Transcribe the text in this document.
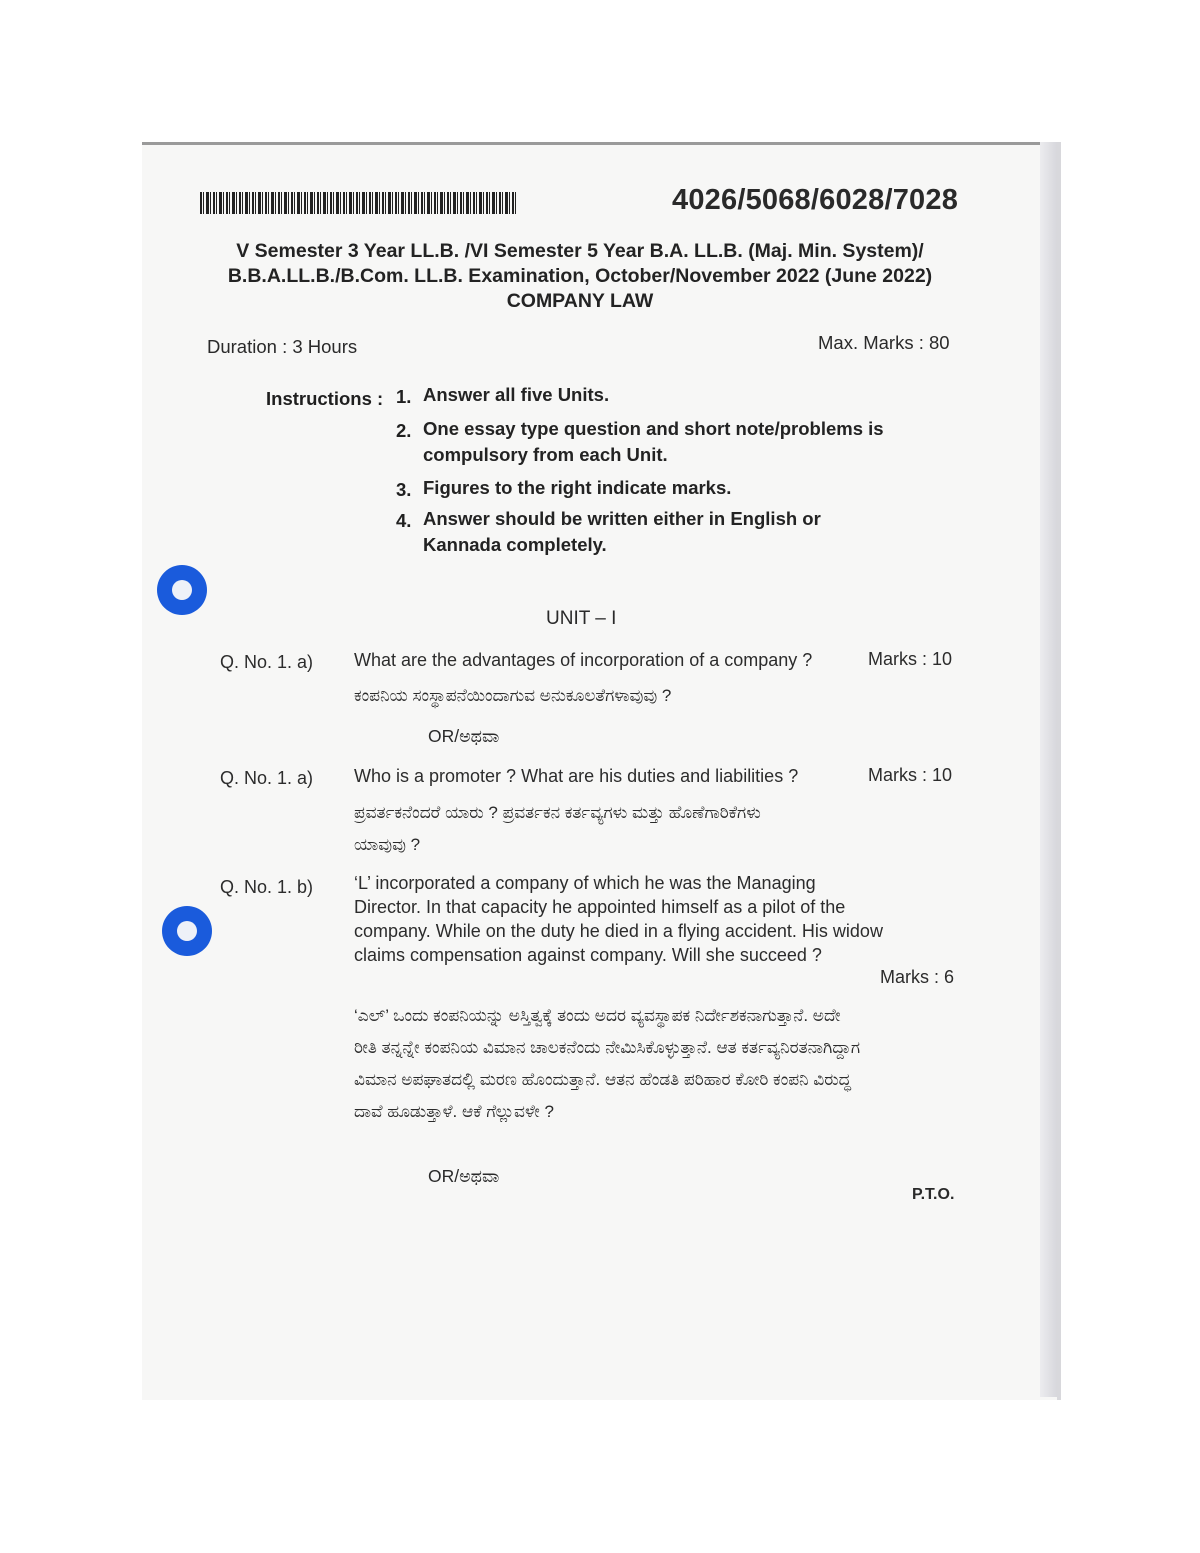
4026/5068/6028/7028
V Semester 3 Year LL.B. /VI Semester 5 Year B.A. LL.B. (Maj. Min. System)/
B.B.A.LL.B./B.Com. LL.B. Examination, October/November 2022 (June 2022)
COMPANY LAW
Duration : 3 Hours	Max. Marks : 80
Instructions : 1. Answer all five Units.
2. One essay type question and short note/problems is compulsory from each Unit.
3. Figures to the right indicate marks.
4. Answer should be written either in English or Kannada completely.
UNIT – I
Q. No. 1. a) What are the advantages of incorporation of a company ?	Marks : 10
ಕಂಪನಿಯ ಸಂಸ್ಥಾಪನೆಯಿಂದಾಗುವ ಅನುಕೂಲತೆಗಳಾವುವು ?
OR/ಅಥವಾ
Q. No. 1. a) Who is a promoter ? What are his duties and liabilities ?	Marks : 10
ಪ್ರವರ್ತಕನೆಂದರೆ ಯಾರು ? ಪ್ರವರ್ತಕನ ಕರ್ತವ್ಯಗಳು ಮತ್ತು ಹೊಣೆಗಾರಿಕೆಗಳು ಯಾವುವು ?
Q. No. 1. b) ‘L’ incorporated a company of which he was the Managing Director. In that capacity he appointed himself as a pilot of the company. While on the duty he died in a flying accident. His widow claims compensation against company. Will she succeed ?
Marks : 6
‘ಎಲ್’ ಒಂದು ಕಂಪನಿಯನ್ನು ಅಸ್ತಿತ್ವಕ್ಕೆ ತಂದು ಅದರ ವ್ಯವಸ್ಥಾಪಕ ನಿರ್ದೇಶಕನಾಗುತ್ತಾನೆ. ಅದೇ ರೀತಿ ತನ್ನನ್ನೇ ಕಂಪನಿಯ ವಿಮಾನ ಚಾಲಕನೆಂದು ನೇಮಿಸಿಕೊಳ್ಳುತ್ತಾನೆ. ಆತ ಕರ್ತವ್ಯನಿರತನಾಗಿದ್ದಾಗ ವಿಮಾನ ಅಪಘಾತದಲ್ಲಿ ಮರಣ ಹೊಂದುತ್ತಾನೆ. ಆತನ ಹೆಂಡತಿ ಪರಿಹಾರ ಕೋರಿ ಕಂಪನಿ ವಿರುದ್ಧ ದಾವೆ ಹೂಡುತ್ತಾಳೆ. ಆಕೆ ಗೆಲ್ಲುವಳೇ ?
OR/ಅಥವಾ
P.T.O.
